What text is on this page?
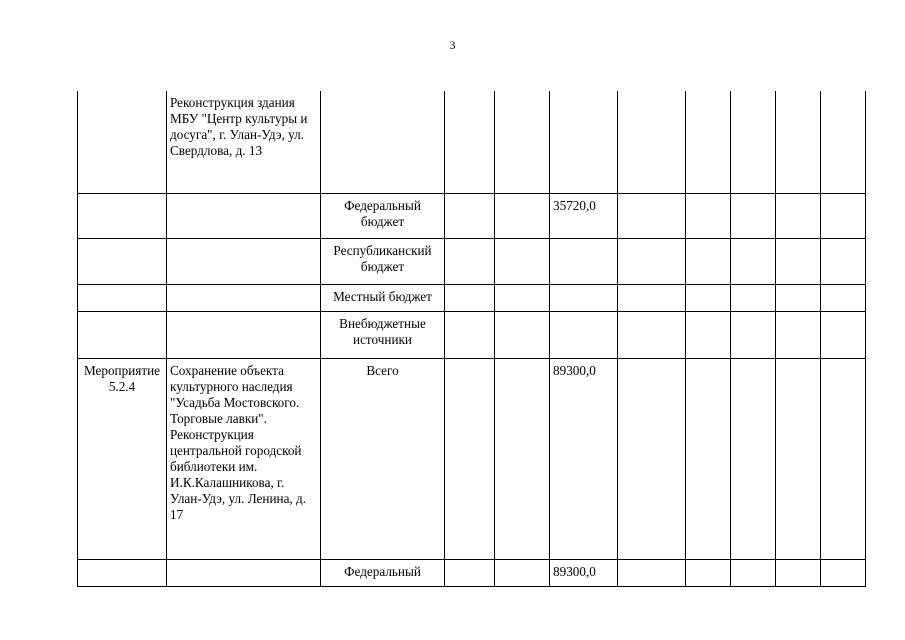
3
	Реконструкция здания МБУ "Центр культуры и досуга", г. Улан-Удэ, ул. Свердлова, д. 13									
		Федеральный бюджет			35720,0					
		Республиканский бюджет								
		Местный бюджет								
		Внебюджетные источники								
Мероприятие 5.2.4	Сохранение объекта культурного наследия "Усадьба Мостовского. Торговые лавки". Реконструкция центральной городской библиотеки им. И.К.Калашникова, г. Улан-Удэ, ул. Ленина, д. 17	Всего			89300,0					
		Федеральный			89300,0					
